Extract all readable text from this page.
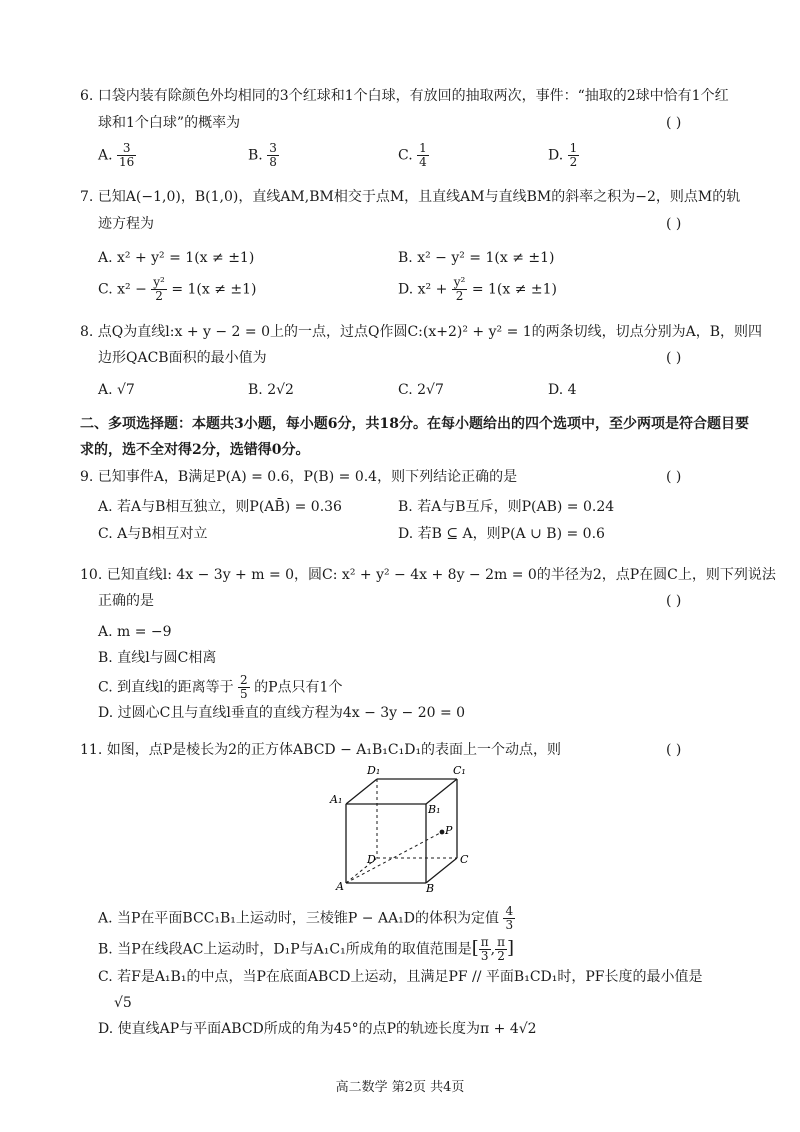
6. 口袋内装有除颜色外均相同的3个红球和1个白球，有放回的抽取两次，事件：“抽取的2球中恰有1个红
球和1个白球”的概率为	( )
A. $\frac{3}{16}$	B. $\frac{3}{8}$	C. $\frac{1}{4}$	D. $\frac{1}{2}$
7. 已知A(−1,0)，B(1,0)，直线AM,BM相交于点M，且直线AM与直线BM的斜率之积为−2，则点M的轨
迹方程为	( )
A. x² + y² = 1(x ≠ ±1)	B. x² − y² = 1(x ≠ ±1)
C. $x^2 - \frac{\text{y²}}{2} = 1(x \ne \pm 1)$	D. $x^2 + \frac{\text{y²}}{2} = 1(x \ne \pm 1)$
8. 点Q为直线l:x + y − 2 = 0上的一点，过点Q作圆C:(x+2)² + y² = 1的两条切线，切点分别为A，B，则四
边形QACB面积的最小值为	( )
A. √7	B. 2√2	C. 2√7	D. 4
二、多项选择题：本题共3小题，每小题6分，共18分。在每小题给出的四个选项中，至少两项是符合题目要
求的，选不全对得2分，选错得0分。
9. 已知事件A，B满足P(A) = 0.6，P(B) = 0.4，则下列结论正确的是	( )
A. 若A与B相互独立，则P(AB̄) = 0.36	B. 若A与B互斥，则P(AB) = 0.24
C. A与B相互对立	D. 若B ⊆ A，则P(A ∪ B) = 0.6
10. 已知直线l: 4x − 3y + m = 0，圆C: x² + y² − 4x + 8y − 2m = 0的半径为2，点P在圆C上，则下列说法
正确的是	( )
A. m = −9
B. 直线l与圆C相离
C. 到直线l的距离等于 $\frac{2}{5}$ 的P点只有1个
D. 过圆心C且与直线l垂直的直线方程为4x − 3y − 20 = 0
11. 如图，点P是棱长为2的正方体ABCD − A₁B₁C₁D₁的表面上一个动点，则	( )
D₁	C₁
A₁
B₁
P
D	C
A	B
A. 当P在平面BCC₁B₁上运动时，三棱锥P − AA₁D的体积为定值 $\frac{4}{3}$
B. 当P在线段AC上运动时，D₁P与A₁C₁所成角的取值范围是[ $\frac{\pi}{3}$ , $\frac{\pi}{2}$ ]
C. 若F是A₁B₁的中点，当P在底面ABCD上运动，且满足PF // 平面B₁CD₁时，PF长度的最小值是
√5
D. 使直线AP与平面ABCD所成的角为45°的点P的轨迹长度为π + 4√2
高二数学 第2页 共4页
